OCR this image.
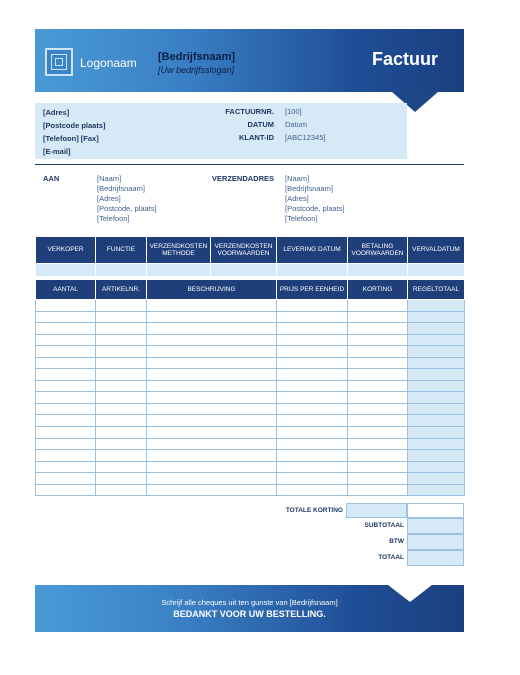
Logonaam [Bedrijfsnaam]
[Uw bedrijfsslogan]
Factuur
[Adres]
[Postcode plaats]
[Telefoon] [Fax]
[E-mail]
FACTUURNR. [100]
DATUM Datum
KLANT-ID [ABC12345]
AAN	[Naam]
[Bedrijfsnaam]
[Adres]
[Postcode, plaats]
[Telefoon]
VERZENDADRES [Naam]
[Bedrijfsnaam]
[Adres]
[Postcode, plaats]
[Telefoon]
VERKOPER	FUNCTIE	VERZENDKOSTEN METHODE	VERZENDKOSTEN VOORWAARDEN	LEVERING DATUM	BETALING VOORWAARDEN	VERVALDATUM

AANTAL	ARTIKELNR.	BESCHRIJVING	PRIJS PER EENHEID	KORTING	REGELTOTAAL

TOTALE KORTING
SUBTOTAAL
BTW
TOTAAL
Schrijf alle cheques uit ten gunste van [Bedrijfsnaam]
BEDANKT VOOR UW BESTELLING.
